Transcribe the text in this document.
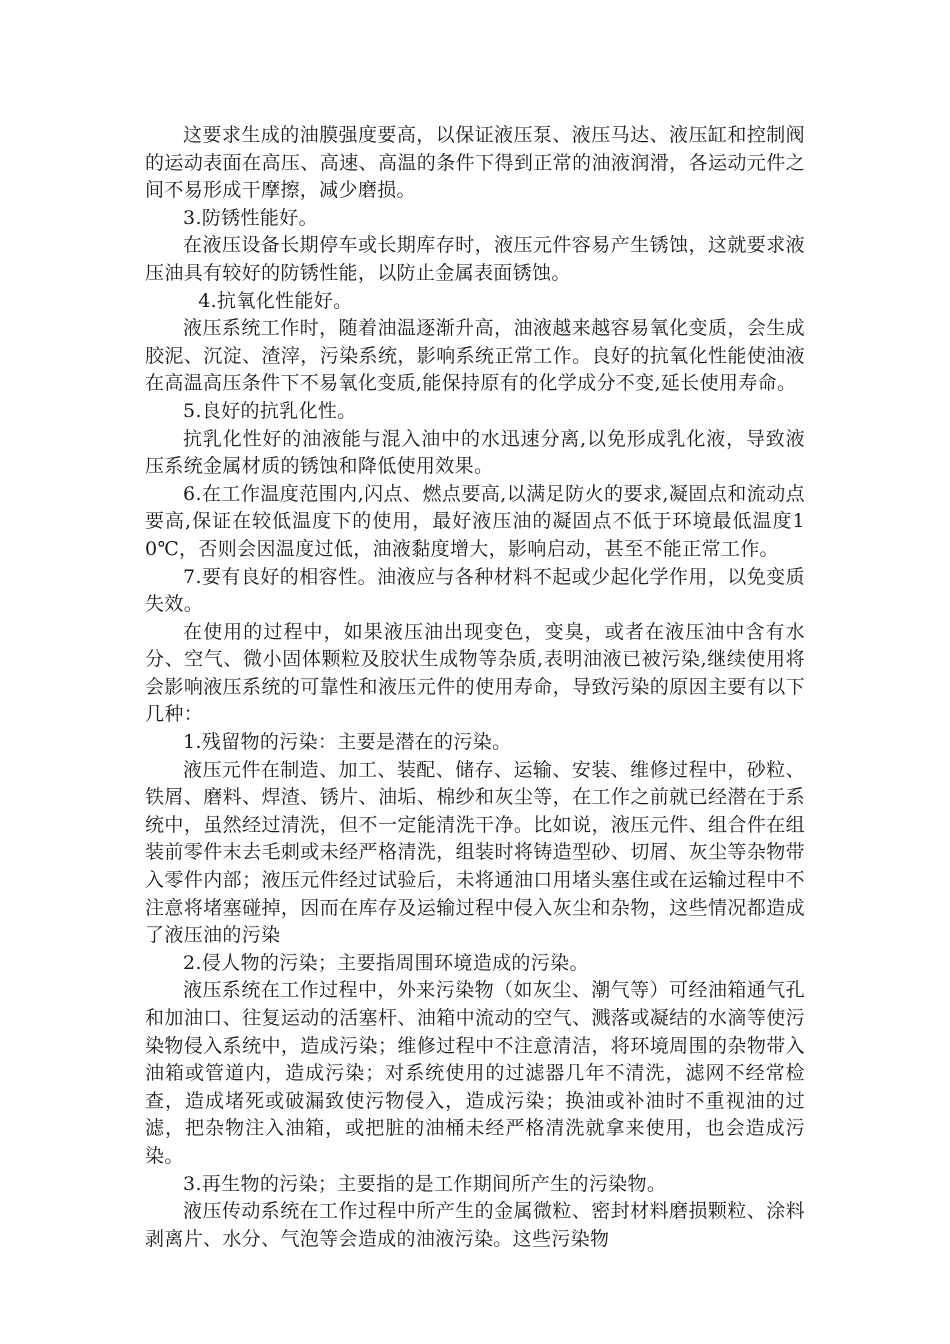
这要求生成的油膜强度要高，以保证液压泵、液压马达、液压缸和控制阀的运动表面在高压、高速、高温的条件下得到正常的油液润滑，各运动元件之间不易形成干摩擦，减少磨损。

3.防锈性能好。

在液压设备长期停车或长期库存时，液压元件容易产生锈蚀，这就要求液压油具有较好的防锈性能，以防止金属表面锈蚀。

4.抗氧化性能好。

液压系统工作时，随着油温逐渐升高，油液越来越容易氧化变质，会生成胶泥、沉淀、渣滓，污染系统，影响系统正常工作。良好的抗氧化性能使油液在高温高压条件下不易氧化变质,能保持原有的化学成分不变,延长使用寿命。

5.良好的抗乳化性。

抗乳化性好的油液能与混入油中的水迅速分离,以免形成乳化液，导致液压系统金属材质的锈蚀和降低使用效果。

6.在工作温度范围内,闪点、燃点要高,以满足防火的要求,凝固点和流动点要高,保证在较低温度下的使用，最好液压油的凝固点不低于环境最低温度10℃，否则会因温度过低，油液黏度增大，影响启动，甚至不能正常工作。

7.要有良好的相容性。油液应与各种材料不起或少起化学作用，以免变质失效。

在使用的过程中，如果液压油出现变色，变臭，或者在液压油中含有水分、空气、微小固体颗粒及胶状生成物等杂质,表明油液已被污染,继续使用将会影响液压系统的可靠性和液压元件的使用寿命，导致污染的原因主要有以下几种：

1.残留物的污染：主要是潜在的污染。

液压元件在制造、加工、装配、储存、运输、安装、维修过程中，砂粒、铁屑、磨料、焊渣、锈片、油垢、棉纱和灰尘等，在工作之前就已经潜在于系统中，虽然经过清洗，但不一定能清洗干净。比如说，液压元件、组合件在组装前零件末去毛刺或未经严格清洗，组装时将铸造型砂、切屑、灰尘等杂物带入零件内部；液压元件经过试验后，未将通油口用堵头塞住或在运输过程中不注意将堵塞碰掉，因而在库存及运输过程中侵入灰尘和杂物，这些情况都造成了液压油的污染

2.侵人物的污染；主要指周围环境造成的污染。

液压系统在工作过程中，外来污染物（如灰尘、潮气等）可经油箱通气孔和加油口、往复运动的活塞杆、油箱中流动的空气、溅落或凝结的水滴等使污染物侵入系统中，造成污染；维修过程中不注意清洁，将环境周围的杂物带入油箱或管道内，造成污染；对系统使用的过滤器几年不清洗，滤网不经常检查，造成堵死或破漏致使污物侵入，造成污染；换油或补油时不重视油的过滤，把杂物注入油箱，或把脏的油桶未经严格清洗就拿来使用，也会造成污染。

3.再生物的污染；主要指的是工作期间所产生的污染物。

液压传动系统在工作过程中所产生的金属微粒、密封材料磨损颗粒、涂料剥离片、水分、气泡等会造成的油液污染。这些污染物
